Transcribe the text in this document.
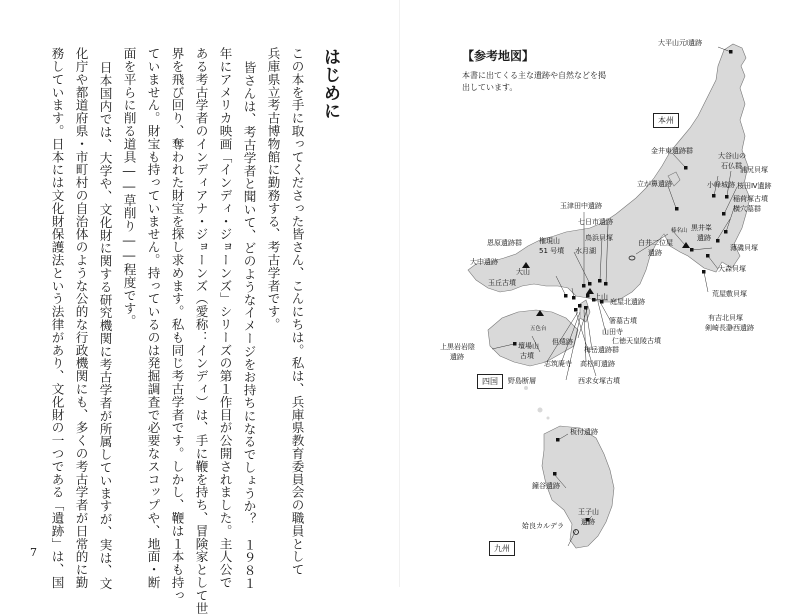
はじめに
この本を手に取ってくださった皆さん、こんにちは。私は、兵庫県教育委員会の職員として
兵庫県立考古博物館に勤務する、考古学者です。
皆さんは、考古学者と聞いて、どのようなイメージをお持ちになるでしょうか？　１９８１
年にアメリカ映画「インディ・ジョーンズ」シリーズの第１作目が公開されました。主人公で
ある考古学者のインディアナ・ジョーンズ（愛称：インディ）は、手に鞭を持ち、冒険家として世
界を飛び回り、奪われた財宝を探し求めます。私も同じ考古学者です。しかし、鞭は１本も持っ
ていません。財宝も持っていません。持っているのは発掘調査で必要なスコップや、地面・断
面を平らに削る道具――草削り――程度です。
日本国内では、大学や、文化財に関する研究機関に考古学者が所属していますが、実は、文
化庁や都道府県・市町村の自治体のような公的な行政機関にも、多くの考古学者が日常的に勤
務しています。日本には文化財保護法という法律があり、文化財の一つである「遺跡」は、国
7
大平山元Ⅰ遺跡
金井東遺跡群
立が鼻遺跡
大谷山の
石仏群
浦尻貝塚
小峰城跡 桜田Ⅳ遺跡
稲荷塚古墳
横穴墓群
玉津田中遺跡
七日市遺跡
鳥浜貝塚
恩原遺跡群 権現山
51 号墳 水月湖
黒井峯
遺跡
薄磯貝塚
大中遺跡
榛名山
白井二位屋
遺跡
大森貝塚
玉丘古墳
荒屋敷貝塚
大山
上山
庭屋北遺跡
有吉北貝塚
五色台	剣崎長瀞西遺跡
箸墓古墳
上黒岩岩陰
遺跡
山田寺
壇場山
古墳
仁徳天皇陵古墳
但遠跡
梅岳遺跡群
高松町遺跡
志筑廃寺
野島断層	西求女塚古墳
板付遺跡
鐘谷遺跡
王子山
遺跡
姶良カルデラ
【参考地図】
本書に出てくる主な遺跡や自然などを掲出しています。
本州
四国
九州
